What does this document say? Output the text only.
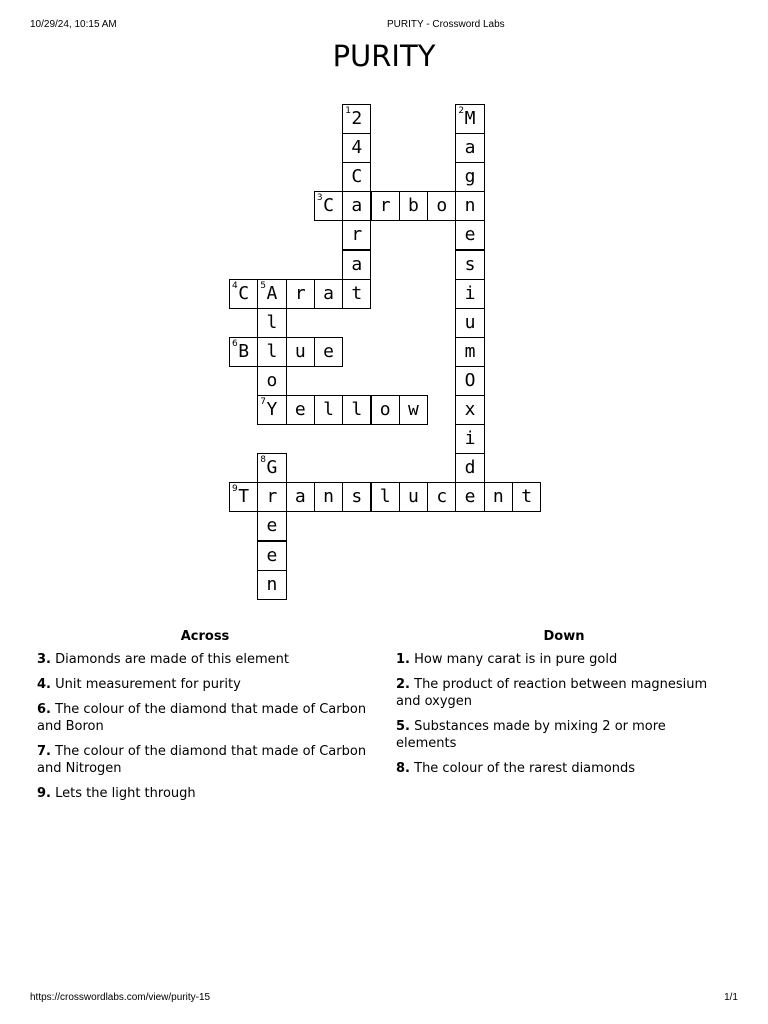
10/29/24, 10:15 AM	PURITY - Crossword Labs
PURITY
1 2	2 M
4	a
C	g
3 C a r b o n
r	e
a	s
4 C	5 A r a t	i
l	u
6 B l u e	m
o	O
7 Y e l l o w	x
i
8 G	d
9 T r a n s l u c e n t
e
e
n
Across
3. Diamonds are made of this element
4. Unit measurement for purity
6. The colour of the diamond that made of Carbon and Boron
7. The colour of the diamond that made of Carbon and Nitrogen
9. Lets the light through
Down
1. How many carat is in pure gold
2. The product of reaction between magnesium and oxygen
5. Substances made by mixing 2 or more elements
8. The colour of the rarest diamonds
https://crosswordlabs.com/view/purity-15	1/1
